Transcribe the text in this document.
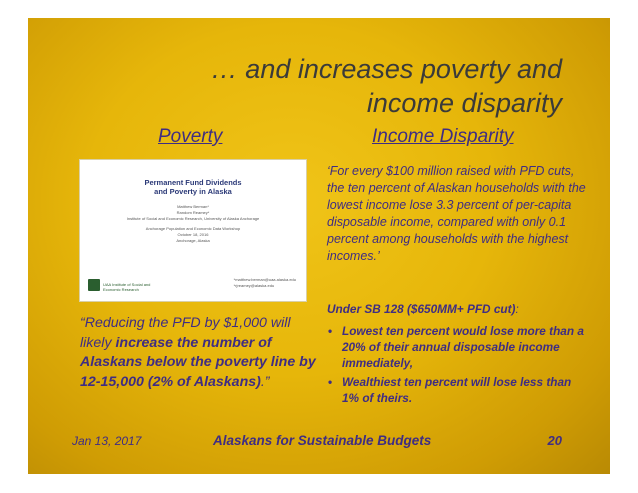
… and increases poverty and
income disparity
Poverty	Income Disparity
Permanent Fund Dividends
and Poverty in Alaska
Matthew Berman*
Random Reamey*
Institute of Social and Economic Research, University of Alaska Anchorage
Anchorage Population and Economic Data Workshop
October 18, 2016
Anchorage, Alaska
UAA Institute of Social and Economic Research
*matthew.berman@uaa.alaska.edu
*rjreamey@alaska.edu
“Reducing the PFD by $1,000 will likely increase the number of Alaskans below the poverty line by 12-15,000 (2% of Alaskans).”
‘For every $100 million raised with PFD cuts, the ten percent of Alaskan households with the lowest income lose 3.3 percent of per-capita disposable income, compared with only 0.1 percent among households with the highest incomes.’
Under SB 128 ($650MM+ PFD cut):
• Lowest ten percent would lose more than a 20% of their annual disposable income immediately,
• Wealthiest ten percent will lose less than 1% of theirs.
Jan 13, 2017	Alaskans for Sustainable Budgets	20
